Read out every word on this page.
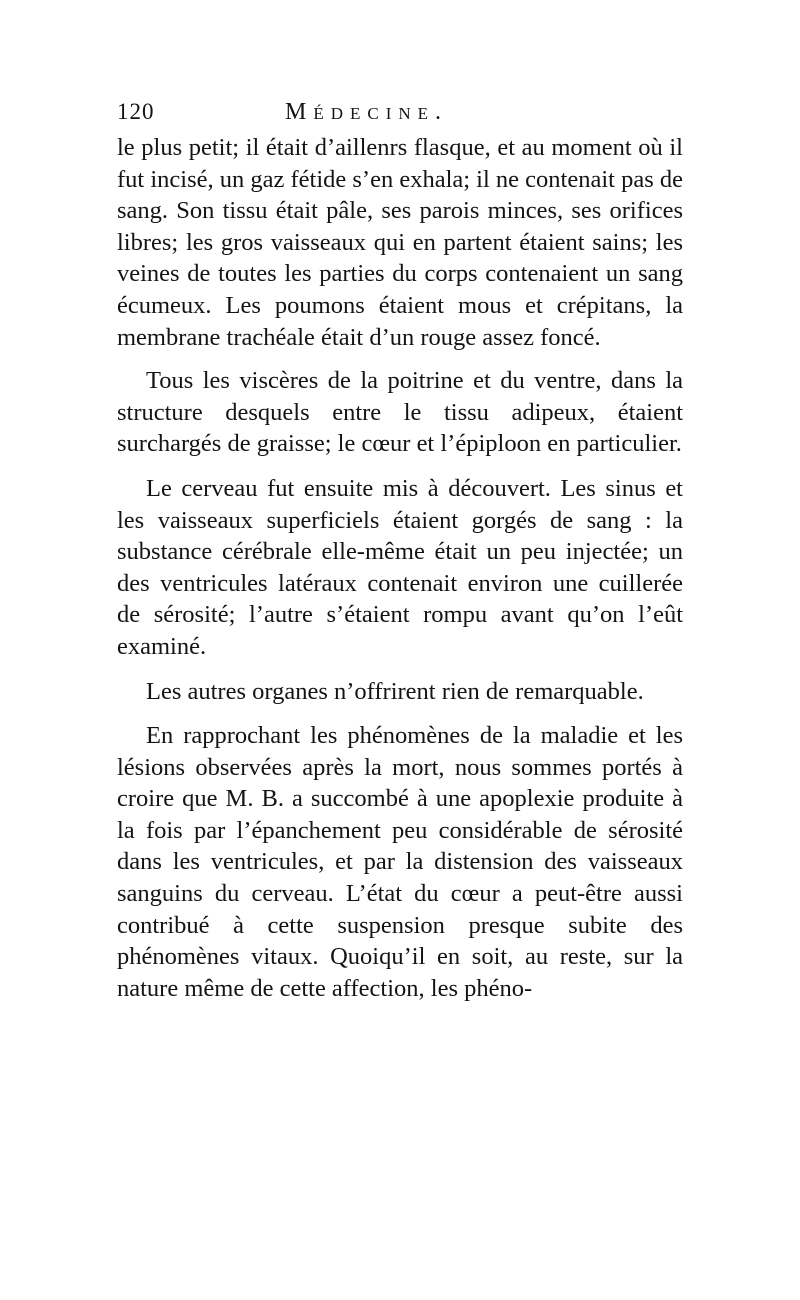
120	Médecine.

le plus petit; il était d’aillenrs flasque, et au moment où il fut incisé, un gaz fétide s’en exhala; il ne contenait pas de sang. Son tissu était pâle, ses parois minces, ses orifices libres; les gros vaisseaux qui en partent étaient sains; les veines de toutes les parties du corps contenaient un sang écumeux. Les poumons étaient mous et crépitans, la membrane trachéale était d’un rouge assez foncé.

Tous les viscères de la poitrine et du ventre, dans la structure desquels entre le tissu adipeux, étaient surchargés de graisse; le cœur et l’épiploon en particulier.

Le cerveau fut ensuite mis à découvert. Les sinus et les vaisseaux superficiels étaient gorgés de sang : la substance cérébrale elle-même était un peu injectée; un des ventricules latéraux contenait environ une cuillerée de sérosité; l’autre s’étaient rompu avant qu’on l’eût examiné.

Les autres organes n’offrirent rien de remarquable.

En rapprochant les phénomènes de la maladie et les lésions observées après la mort, nous sommes portés à croire que M. B. a succombé à une apoplexie produite à la fois par l’épanchement peu considérable de sérosité dans les ventricules, et par la distension des vaisseaux sanguins du cerveau. L’état du cœur a peut-être aussi contribué à cette suspension presque subite des phénomènes vitaux. Quoiqu’il en soit, au reste, sur la nature même de cette affection, les phéno-
